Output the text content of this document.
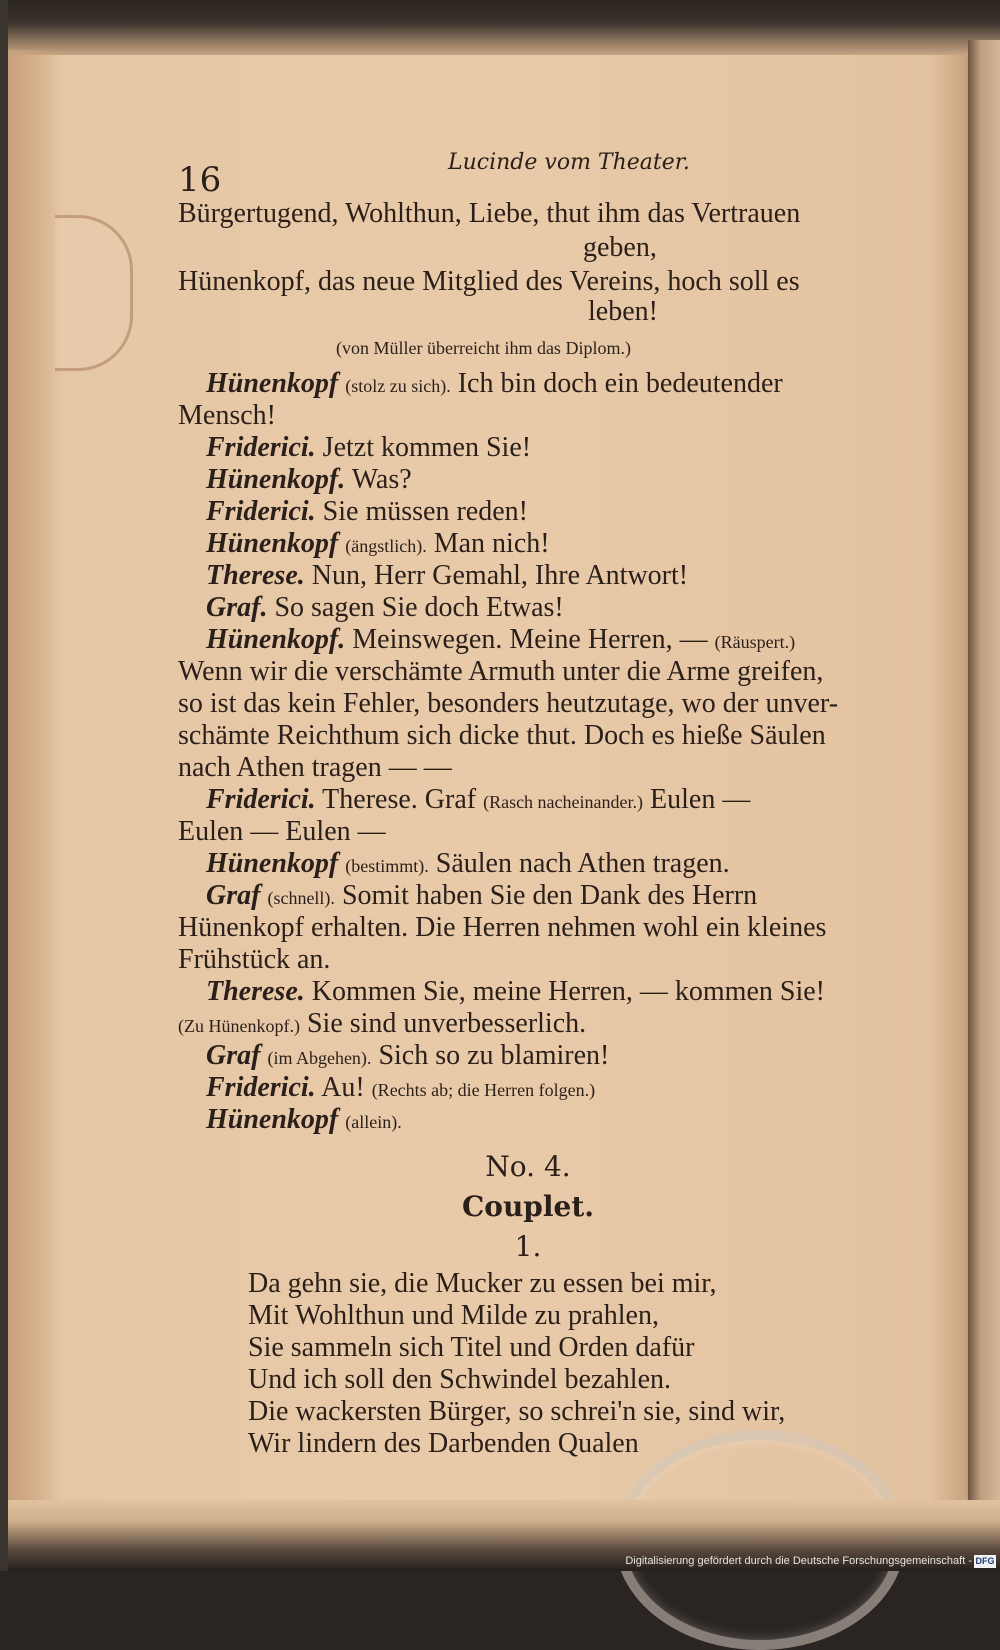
16	Lucinde vom Theater.
Bürgertugend, Wohlthun, Liebe, thut ihm das Vertrauen
geben,
Hünenkopf, das neue Mitglied des Vereins, hoch soll es
leben!
(von Müller überreicht ihm das Diplom.)
Hünenkopf (stolz zu sich). Ich bin doch ein bedeutender
Mensch!
Friderici. Jetzt kommen Sie!
Hünenkopf. Was?
Friderici. Sie müssen reden!
Hünenkopf (ängstlich). Man nich!
Therese. Nun, Herr Gemahl, Ihre Antwort!
Graf. So sagen Sie doch Etwas!
Hünenkopf. Meinswegen. Meine Herren, — (Räuspert.)
Wenn wir die verschämte Armuth unter die Arme greifen,
so ist das kein Fehler, besonders heutzutage, wo der unver-
schämte Reichthum sich dicke thut. Doch es hieße Säulen
nach Athen tragen — —
Friderici. Therese. Graf (Rasch nacheinander.) Eulen —
Eulen — Eulen —
Hünenkopf (bestimmt). Säulen nach Athen tragen.
Graf (schnell). Somit haben Sie den Dank des Herrn
Hünenkopf erhalten. Die Herren nehmen wohl ein kleines
Frühstück an.
Therese. Kommen Sie, meine Herren, — kommen Sie!
(Zu Hünenkopf.) Sie sind unverbesserlich.
Graf (im Abgehen). Sich so zu blamiren!
Friderici. Au! (Rechts ab; die Herren folgen.)
Hünenkopf (allein).
No. 4.
Couplet.
1.
Da gehn sie, die Mucker zu essen bei mir,
Mit Wohlthun und Milde zu prahlen,
Sie sammeln sich Titel und Orden dafür
Und ich soll den Schwindel bezahlen.
Die wackersten Bürger, so schrei'n sie, sind wir,
Wir lindern des Darbenden Qualen
Digitalisierung gefördert durch die Deutsche Forschungsgemeinschaft - DFG
